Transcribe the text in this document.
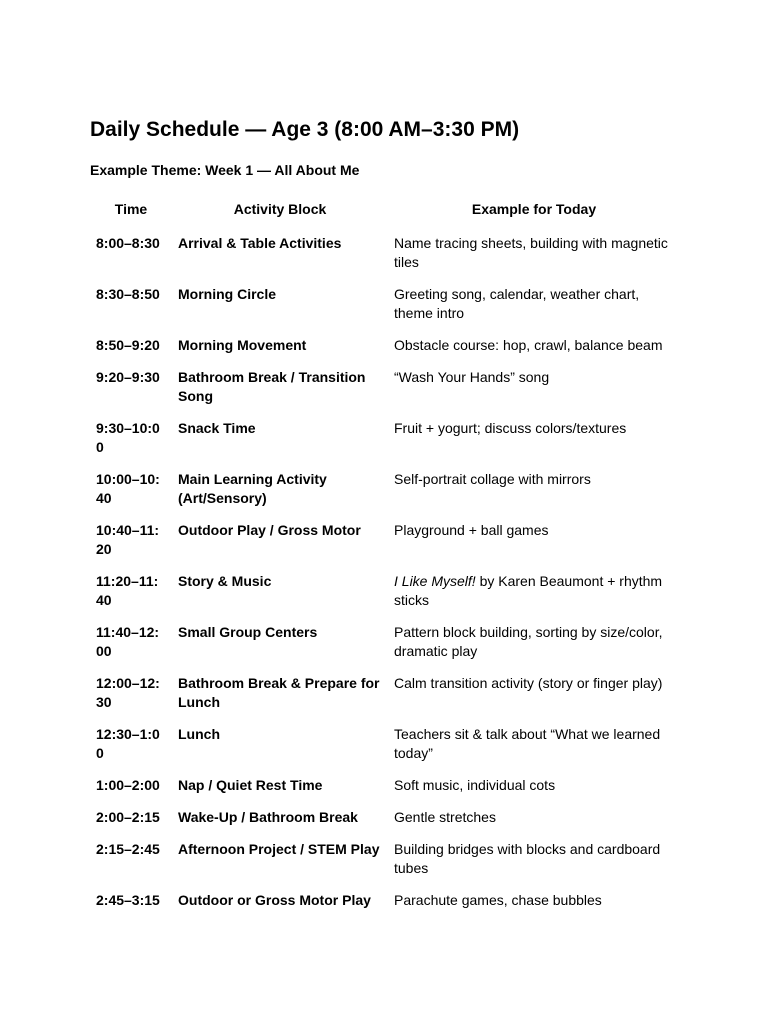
Daily Schedule — Age 3 (8:00 AM–3:30 PM)

Example Theme: Week 1 — All About Me

Time	Activity Block	Example for Today
8:00–8:30	Arrival & Table Activities	Name tracing sheets, building with magnetic tiles
8:30–8:50	Morning Circle	Greeting song, calendar, weather chart, theme intro
8:50–9:20	Morning Movement	Obstacle course: hop, crawl, balance beam
9:20–9:30	Bathroom Break / Transition Song	“Wash Your Hands” song
9:30–10:00	Snack Time	Fruit + yogurt; discuss colors/textures
10:00–10:40	Main Learning Activity (Art/Sensory)	Self-portrait collage with mirrors
10:40–11:20	Outdoor Play / Gross Motor	Playground + ball games
11:20–11:40	Story & Music	I Like Myself! by Karen Beaumont + rhythm sticks
11:40–12:00	Small Group Centers	Pattern block building, sorting by size/color, dramatic play
12:00–12:30	Bathroom Break & Prepare for Lunch	Calm transition activity (story or finger play)
12:30–1:00	Lunch	Teachers sit & talk about “What we learned today”
1:00–2:00	Nap / Quiet Rest Time	Soft music, individual cots
2:00–2:15	Wake-Up / Bathroom Break	Gentle stretches
2:15–2:45	Afternoon Project / STEM Play	Building bridges with blocks and cardboard tubes
2:45–3:15	Outdoor or Gross Motor Play	Parachute games, chase bubbles
